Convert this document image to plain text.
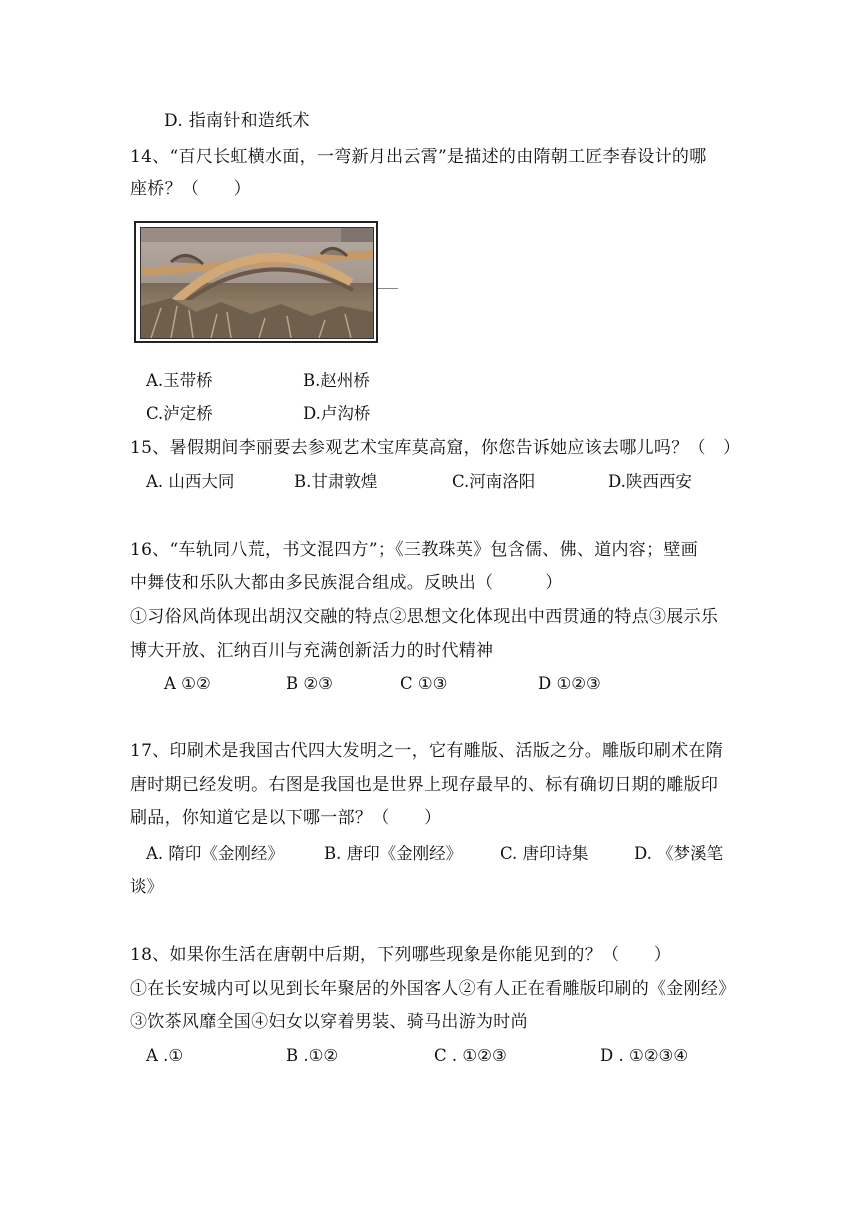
D. 指南针和造纸术
14、“百尺长虹横水面，一弯新月出云霄”是描述的由隋朝工匠李春设计的哪
座桥？（　　）
A.玉带桥	B.赵州桥
C.泸定桥	D.卢沟桥
15、暑假期间李丽要去参观艺术宝库莫高窟，你您告诉她应该去哪儿吗？（　）
A. 山西大同	B.甘肃敦煌	C.河南洛阳	D.陕西西安
16、“车轨同八荒，书文混四方”；《三教珠英》包含儒、佛、道内容；壁画
中舞伎和乐队大都由多民族混合组成。反映出（　　　）
①习俗风尚体现出胡汉交融的特点②思想文化体现出中西贯通的特点③展示乐
博大开放、汇纳百川与充满创新活力的时代精神
A ①②	B ②③	C ①③	D ①②③
17、印刷术是我国古代四大发明之一，它有雕版、活版之分。雕版印刷术在隋
唐时期已经发明。右图是我国也是世界上现存最早的、标有确切日期的雕版印
刷品，你知道它是以下哪一部？（　　）
A. 隋印《金刚经》 B. 唐印《金刚经》 C. 唐印诗集	D. 《梦溪笔
谈》
18、如果你生活在唐朝中后期，下列哪些现象是你能见到的？（　　）
①在长安城内可以见到长年聚居的外国客人②有人正在看雕版印刷的《金刚经》
③饮茶风靡全国④妇女以穿着男装、骑马出游为时尚
A .①	B .①②	C . ①②③	D . ①②③④
